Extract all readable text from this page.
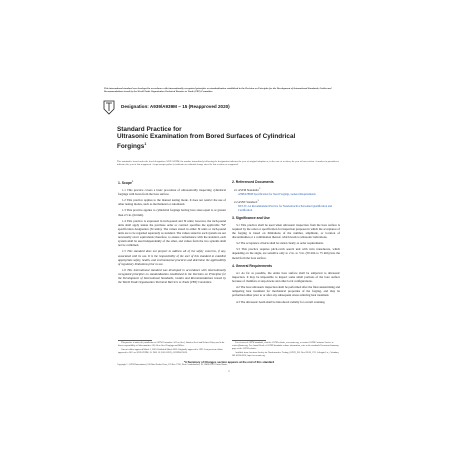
This international standard was developed in accordance with internationally recognized principles on standardization established in the Decision on Principles for the Development of International Standards, Guides and Recommendations issued by the World Trade Organization Technical Barriers to Trade (TBT) Committee.
Designation: A939/A939M − 15 (Reapproved 2020)
Standard Practice for
Ultrasonic Examination from Bored Surfaces of Cylindrical
Forgings$^1$
This standard is issued under the fixed designation A939/A939M; the number immediately following the designation indicates the year of original adoption or, in the case of revision, the year of last revision. A number in parentheses indicates the year of last reapproval. A superscript epsilon (ε) indicates an editorial change since the last revision or reapproval.
1. Scope$^1$

1.1 This practice covers a basic procedure of ultrasonically inspecting cylindrical forgings with bores from the bore surface.

1.2 This practice applies to the manual testing mode. It does not restrict the use of other testing modes, such as mechanized or automated.

1.3 This practice applies to cylindrical forgings having bore sizes equal to or greater than 2.5 in. (64 mm).

1.4 This practice is expressed in inch-pound and SI units; however, the inch-pound units shall apply unless the purchase order or contract specifies the applicable "M" specification designation (SI units). The values stated in either SI units or inch-pound units are to be regarded separately as standard. The values stated in each system are not necessarily exact equivalents; therefore, to ensure conformance with the standard, each system shall be used independently of the other, and values from the two systems shall not be combined.

1.5 This standard does not purport to address all of the safety concerns, if any, associated with its use. It is the responsibility of the user of this standard to establish appropriate safety, health, and environmental practices and determine the applicability of regulatory limitations prior to use.

1.6 This international standard was developed in accordance with internationally recognized principles on standardization established in the Decision on Principles for the Development of International Standards, Guides and Recommendations issued by the World Trade Organization Technical Barriers to Trade (TBT) Committee.

2. Referenced Documents
2.1 ASTM Standards:$^2$
A788/A788M Specification for Steel Forgings, General Requirements
2.2 ASNT Standard:$^3$
SNT-TC-1A Recommended Practice for Nondestructive Personnel Qualification and Certification
3. Significance and Use

3.1 This practice shall be used when ultrasonic inspection from the bore surface is required by the order or specification for inspection purposes in which the acceptance of the forging is based on limitations of the number, amplitude, or location of discontinuities or a combination thereof, which leads to ultrasonic indications.

3.2 The acceptance criteria shall be stated clearly as order requirements.

3.3 This practice requires pitch-catch search unit with twin transducers, which depending on the angle, are sensitive only to 2 in. to 3 in. (50 mm to 75 mm) into the metal from the bore surface.

4. General Requirements

4.1 As far as possible, the entire bore surface shall be subjected to ultrasonic inspection. It may be impossible to inspect some small portions of the bore surface because of chamfers at step-downs and other local configurations.

4.2 The bore ultrasonic inspection shall be performed after the final austenitizing and tempering heat treatment for mechanical properties of the forging, and may be performed either prior to or after any subsequent stress relieving heat treatment.

4.3 The ultrasonic beam shall be introduced radially for overall scanning.

This practice is under the jurisdiction of ASTM Committee A01 on Steel, Stainless Steel and Related Alloys and is the direct responsibility of Subcommittee A01.06 on Steel Forgings and Billets.

Current edition approved March 1, 2020. Published March 2020. Originally approved in 1995. Last previous edition approved in 2015 as A939/A939M–15. DOI: 10.1520/A0939_A0939M-15R20.

For referenced ASTM standards, visit the ASTM website, www.astm.org, or contact ASTM Customer Service at service@astm.org. For Annual Book of ASTM Standards volume information, refer to the standard's Document Summary page on the ASTM website.

Available from American Society for Nondestructive Testing (ASNT), P.O. Box 28518, 1711 Arlingate Ln., Columbus, OH 43228-0518, http://www.asnt.org.

*A Summary of Changes section appears at the end of this standard
Copyright © ASTM International, 100 Barr Harbor Drive, PO Box C700, West Conshohocken, PA 19428-2959. United States
1
